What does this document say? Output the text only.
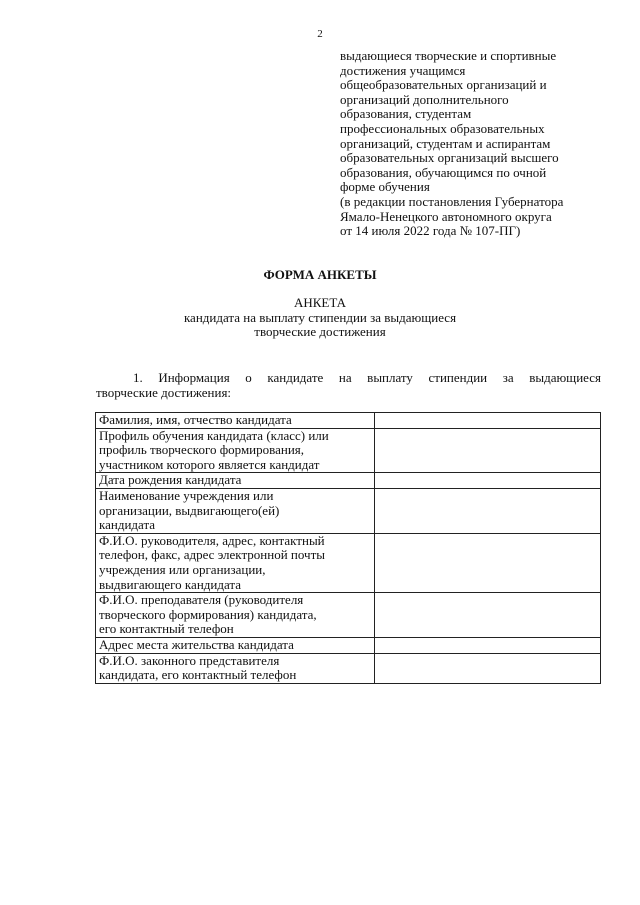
2
выдающиеся творческие и спортивные
достижения учащимся
общеобразовательных организаций и
организаций дополнительного
образования, студентам
профессиональных образовательных
организаций, студентам и аспирантам
образовательных организаций высшего
образования, обучающимся по очной
форме обучения
(в редакции постановления Губернатора
Ямало-Ненецкого автономного округа
от 14 июля 2022 года № 107-ПГ)
ФОРМА АНКЕТЫ
АНКЕТА
кандидата на выплату стипендии за выдающиеся
творческие достижения
1. Информация о кандидате на выплату стипендии за выдающиеся
творческие достижения:
Фамилия, имя, отчество кандидата	

Профиль обучения кандидата (класс) или
профиль творческого формирования,
участником которого является кандидат	

Дата рождения кандидата	

Наименование учреждения или
организации, выдвигающего(ей)
кандидата	

Ф.И.О. руководителя, адрес, контактный
телефон, факс, адрес электронной почты
учреждения или организации,
выдвигающего кандидата	

Ф.И.О. преподавателя (руководителя
творческого формирования) кандидата,
его контактный телефон	

Адрес места жительства кандидата	

Ф.И.О. законного представителя
кандидата, его контактный телефон	
